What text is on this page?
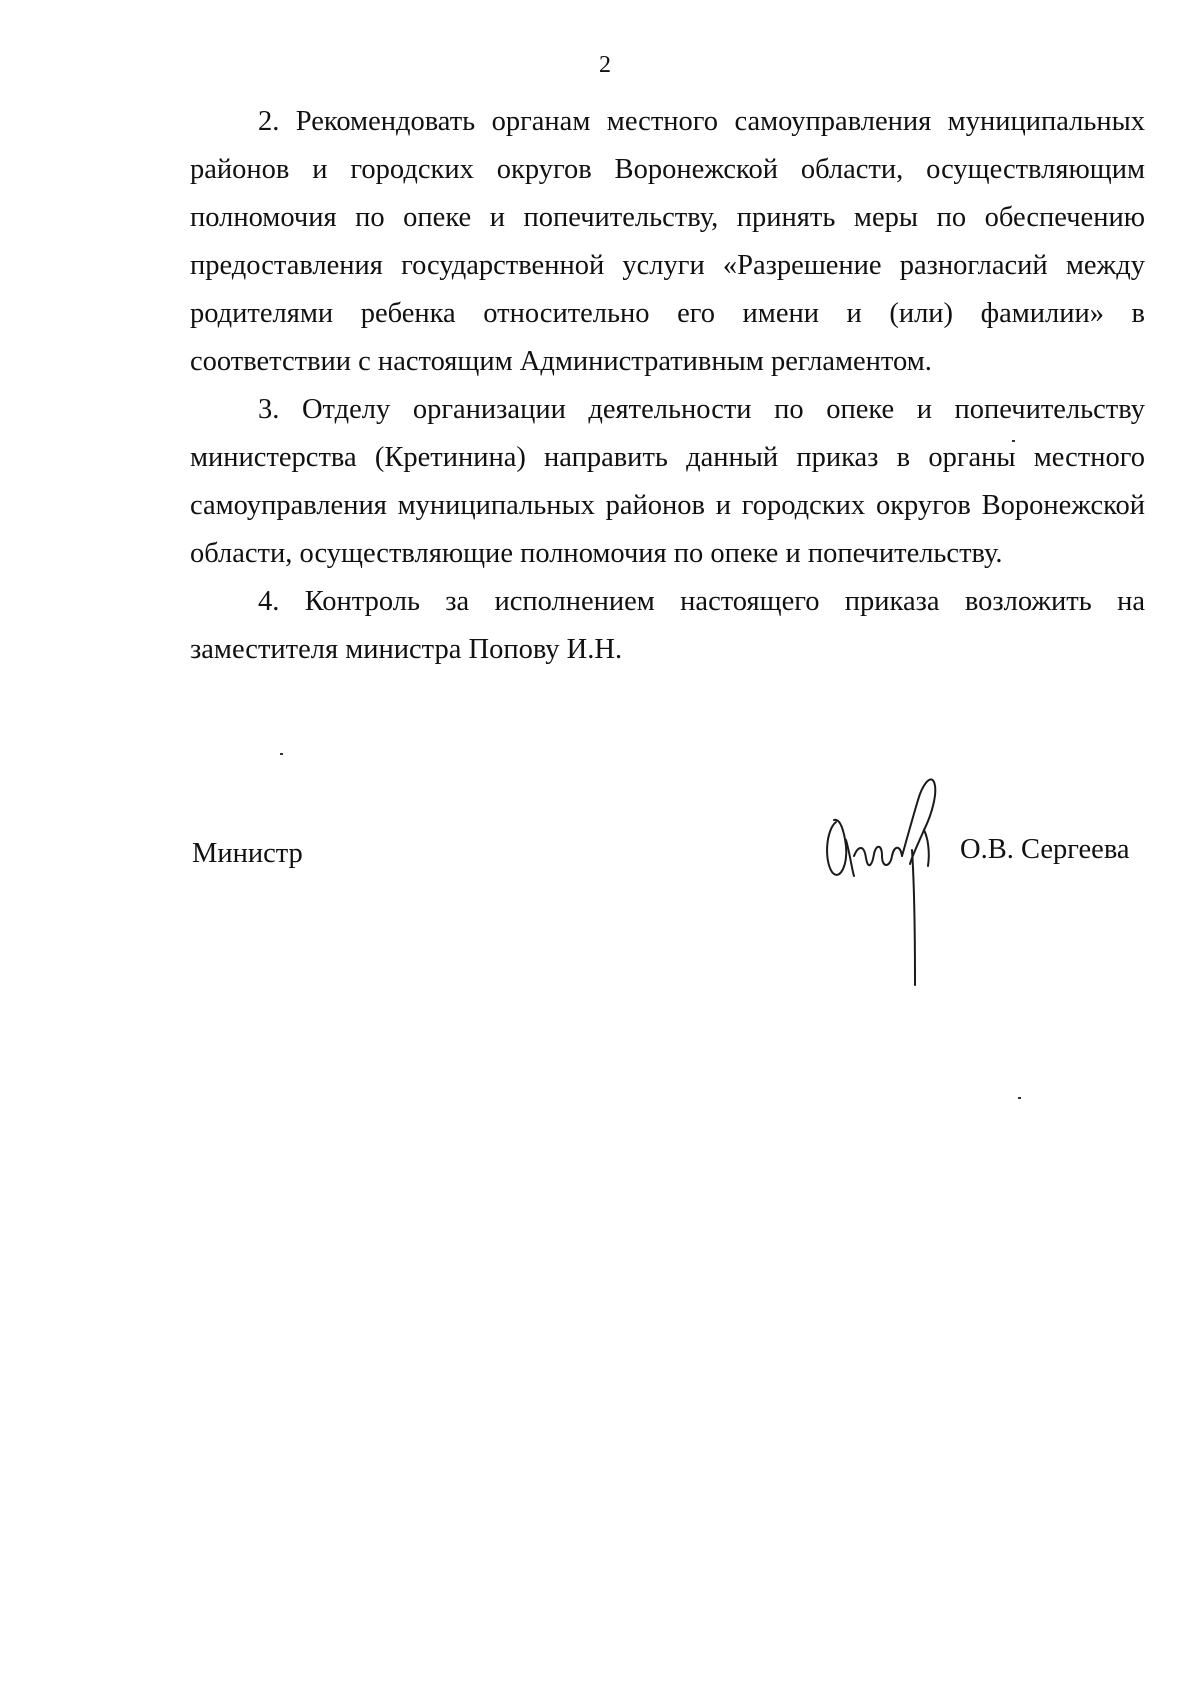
2

2. Рекомендовать органам местного самоуправления муниципальных районов и городских округов Воронежской области, осуществляющим полномочия по опеке и попечительству, принять меры по обеспечению предоставления государственной услуги «Разрешение разногласий между родителями ребенка относительно его имени и (или) фамилии» в соответствии с настоящим Административным регламентом.

3. Отделу организации деятельности по опеке и попечительству министерства (Кретинина) направить данный приказ в органы местного самоуправления муниципальных районов и городских округов Воронежской области, осуществляющие полномочия по опеке и попечительству.

4. Контроль за исполнением настоящего приказа возложить на заместителя министра Попову И.Н.

Министр	О.В. Сергеева
